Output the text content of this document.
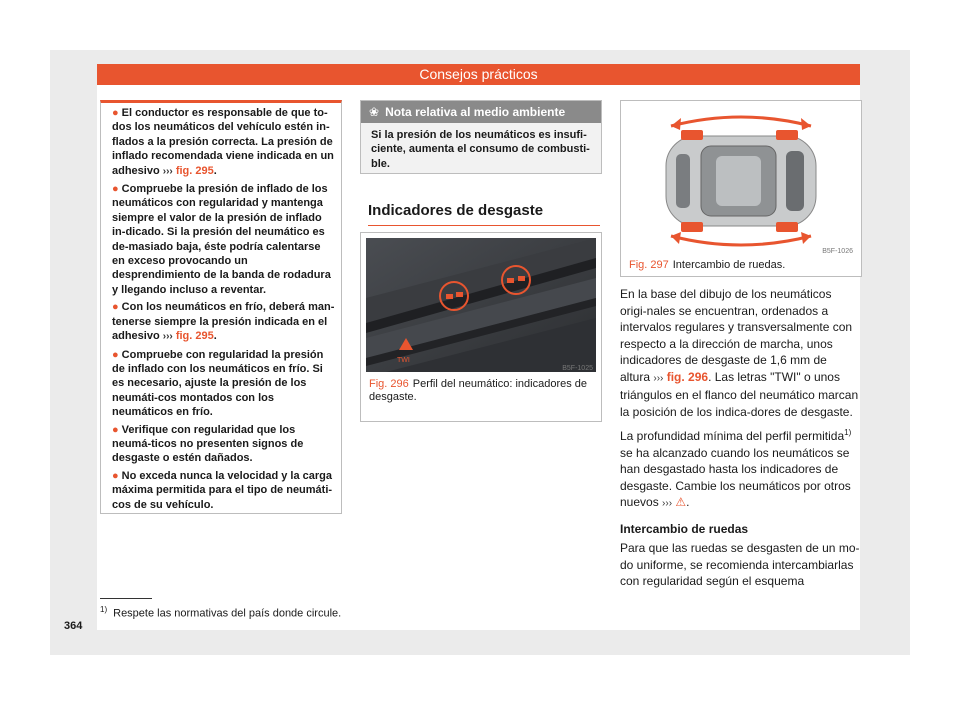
Consejos prácticos
● El conductor es responsable de que to-dos los neumáticos del vehículo estén in-flados a la presión correcta. La presión de inflado recomendada viene indicada en un adhesivo ››› fig. 295.
● Compruebe la presión de inflado de los neumáticos con regularidad y mantenga siempre el valor de la presión de inflado in-dicado. Si la presión del neumático es de-masiado baja, éste podría calentarse en exceso provocando un desprendimiento de la banda de rodadura y llegando incluso a reventar.
● Con los neumáticos en frío, deberá man-tenerse siempre la presión indicada en el adhesivo ››› fig. 295.
● Compruebe con regularidad la presión de inflado con los neumáticos en frío. Si es necesario, ajuste la presión de los neumáti-cos montados con los neumáticos en frío.
● Verifique con regularidad que los neumá-ticos no presenten signos de desgaste o estén dañados.
● No exceda nunca la velocidad y la carga máxima permitida para el tipo de neumáti-cos de su vehículo.
❀ Nota relativa al medio ambiente
Si la presión de los neumáticos es insufi-ciente, aumenta el consumo de combusti-ble.
Indicadores de desgaste
TWI
B5F-1025
Fig. 296 Perfil del neumático: indicadores de desgaste.
B5F-1026
Fig. 297 Intercambio de ruedas.

En la base del dibujo de los neumáticos origi-nales se encuentran, ordenados a intervalos regulares y transversalmente con respecto a la dirección de marcha, unos indicadores de desgaste de 1,6 mm de altura ››› fig. 296. Las letras "TWI" o unos triángulos en el flanco del neumático marcan la posición de los indica-dores de desgaste.

La profundidad mínima del perfil permitida$^{1)}$ se ha alcanzado cuando los neumáticos se han desgastado hasta los indicadores de desgaste. Cambie los neumáticos por otros nuevos ››› ⚠.

Intercambio de ruedas

Para que las ruedas se desgasten de un mo-do uniforme, se recomienda intercambiarlas con regularidad según el esquema

$^{1)}$ Respete las normativas del país donde circule.
364
